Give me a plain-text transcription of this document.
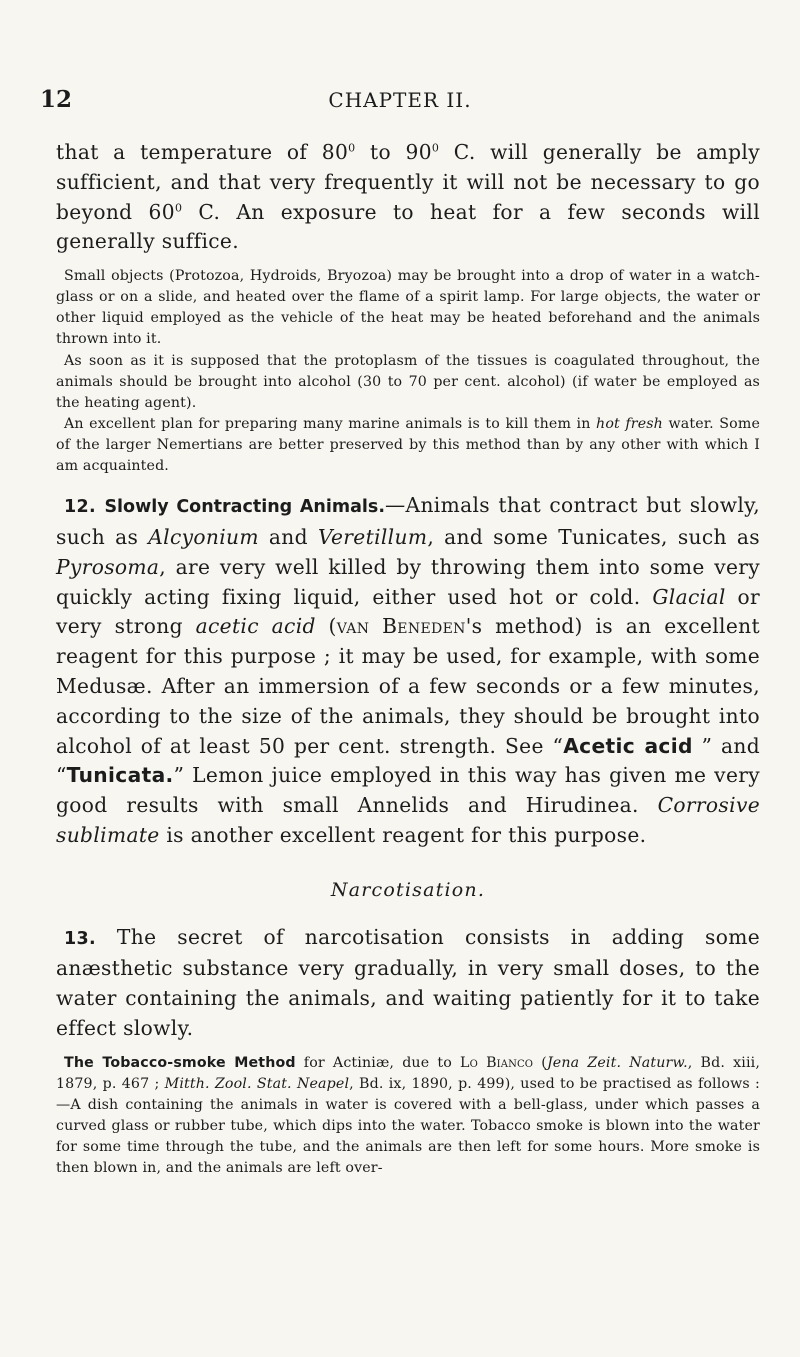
12	CHAPTER II.

that a temperature of $80^0$ to $90^0$ C. will generally be amply sufficient, and that very frequently it will not be necessary to go beyond $60^0$ C. An exposure to heat for a few seconds will generally suffice.

Small objects (Protozoa, Hydroids, Bryozoa) may be brought into a drop of water in a watch-glass or on a slide, and heated over the flame of a spirit lamp. For large objects, the water or other liquid employed as the vehicle of the heat may be heated beforehand and the animals thrown into it.

As soon as it is supposed that the protoplasm of the tissues is coagulated throughout, the animals should be brought into alcohol (30 to 70 per cent. alcohol) (if water be employed as the heating agent).

An excellent plan for preparing many marine animals is to kill them in hot fresh water. Some of the larger Nemertians are better preserved by this method than by any other with which I am acquainted.

12. Slowly Contracting Animals.—Animals that contract but slowly, such as Alcyonium and Veretillum, and some Tunicates, such as Pyrosoma, are very well killed by throwing them into some very quickly acting fixing liquid, either used hot or cold. Glacial or very strong acetic acid (van Beneden's method) is an excellent reagent for this purpose ; it may be used, for example, with some Medusæ. After an immersion of a few seconds or a few minutes, according to the size of the animals, they should be brought into alcohol of at least 50 per cent. strength. See “Acetic acid ” and “Tunicata.” Lemon juice employed in this way has given me very good results with small Annelids and Hirudinea. Corrosive sublimate is another excellent reagent for this purpose.

Narcotisation.

13. The secret of narcotisation consists in adding some anæsthetic substance very gradually, in very small doses, to the water containing the animals, and waiting patiently for it to take effect slowly.

The Tobacco-smoke Method for Actiniæ, due to Lo Bianco (Jena Zeit. Naturw., Bd. xiii, 1879, p. 467 ; Mitth. Zool. Stat. Neapel, Bd. ix, 1890, p. 499), used to be practised as follows :—A dish containing the animals in water is covered with a bell-glass, under which passes a curved glass or rubber tube, which dips into the water. Tobacco smoke is blown into the water for some time through the tube, and the animals are then left for some hours. More smoke is then blown in, and the animals are left over-
